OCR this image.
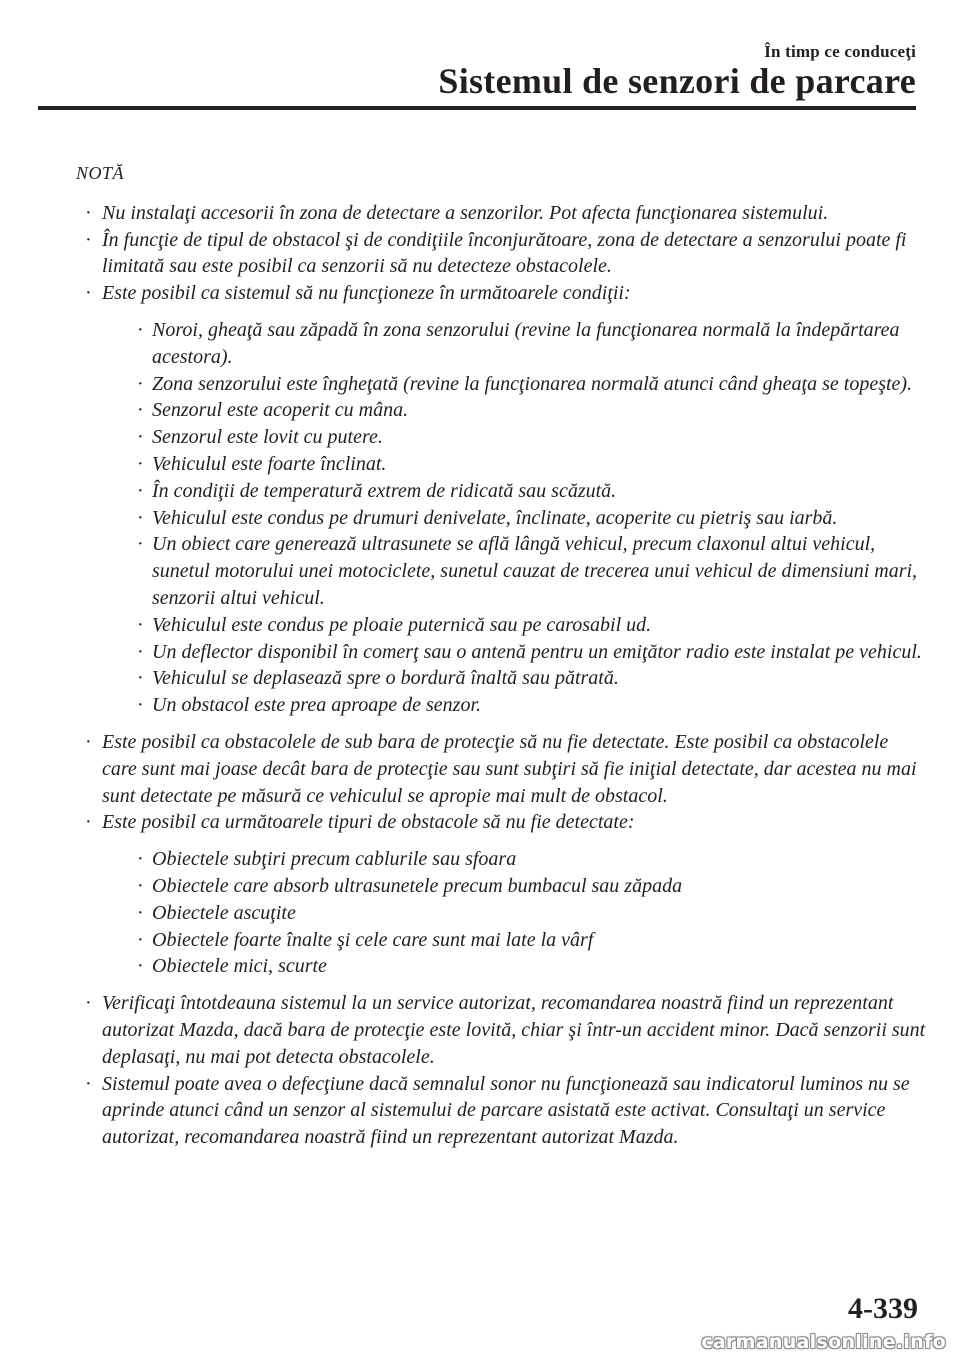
În timp ce conduceţi
Sistemul de senzori de parcare
NOTĂ
· Nu instalaţi accesorii în zona de detectare a senzorilor. Pot afecta funcţionarea sistemului.
· În funcţie de tipul de obstacol şi de condiţiile înconjurătoare, zona de detectare a senzorului poate fi limitată sau este posibil ca senzorii să nu detecteze obstacolele.
· Este posibil ca sistemul să nu funcţioneze în următoarele condiţii:
· Noroi, gheaţă sau zăpadă în zona senzorului (revine la funcţionarea normală la îndepărtarea acestora).
· Zona senzorului este îngheţată (revine la funcţionarea normală atunci când gheaţa se topeşte).
· Senzorul este acoperit cu mâna.
· Senzorul este lovit cu putere.
· Vehiculul este foarte înclinat.
· În condiţii de temperatură extrem de ridicată sau scăzută.
· Vehiculul este condus pe drumuri denivelate, înclinate, acoperite cu pietriş sau iarbă.
· Un obiect care generează ultrasunete se află lângă vehicul, precum claxonul altui vehicul, sunetul motorului unei motociclete, sunetul cauzat de trecerea unui vehicul de dimensiuni mari, senzorii altui vehicul.
· Vehiculul este condus pe ploaie puternică sau pe carosabil ud.
· Un deflector disponibil în comerţ sau o antenă pentru un emiţător radio este instalat pe vehicul.
· Vehiculul se deplasează spre o bordură înaltă sau pătrată.
· Un obstacol este prea aproape de senzor.
· Este posibil ca obstacolele de sub bara de protecţie să nu fie detectate. Este posibil ca obstacolele care sunt mai joase decât bara de protecţie sau sunt subţiri să fie iniţial detectate, dar acestea nu mai sunt detectate pe măsură ce vehiculul se apropie mai mult de obstacol.
· Este posibil ca următoarele tipuri de obstacole să nu fie detectate:
· Obiectele subţiri precum cablurile sau sfoara
· Obiectele care absorb ultrasunetele precum bumbacul sau zăpada
· Obiectele ascuţite
· Obiectele foarte înalte şi cele care sunt mai late la vârf
· Obiectele mici, scurte
· Verificaţi întotdeauna sistemul la un service autorizat, recomandarea noastră fiind un reprezentant autorizat Mazda, dacă bara de protecţie este lovită, chiar şi într-un accident minor. Dacă senzorii sunt deplasaţi, nu mai pot detecta obstacolele.
· Sistemul poate avea o defecţiune dacă semnalul sonor nu funcţionează sau indicatorul luminos nu se aprinde atunci când un senzor al sistemului de parcare asistată este activat. Consultaţi un service autorizat, recomandarea noastră fiind un reprezentant autorizat Mazda.
4-339
carmanualsonline.info
